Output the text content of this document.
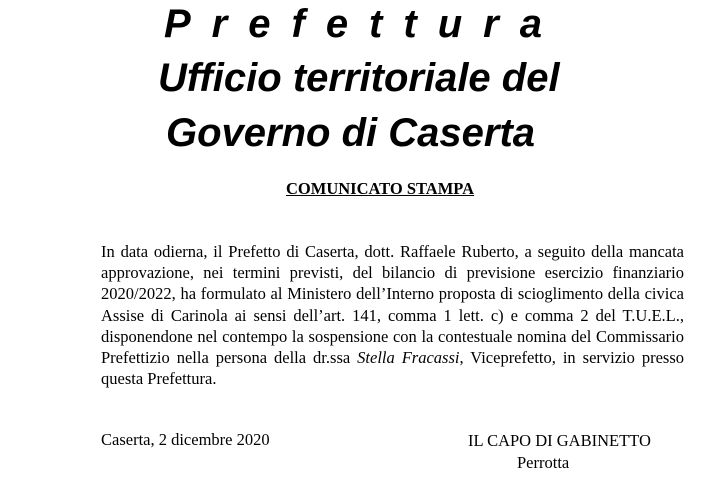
Prefettura
Ufficio territoriale del
Governo di Caserta
COMUNICATO STAMPA

In data odierna, il Prefetto di Caserta, dott. Raffaele Ruberto, a seguito della mancata approvazione, nei termini previsti, del bilancio di previsione esercizio finanziario 2020/2022, ha formulato al Ministero dell’Interno proposta di scioglimento della civica Assise di Carinola ai sensi dell’art. 141, comma 1 lett. c) e comma 2 del T.U.E.L., disponendone nel contempo la sospensione con la contestuale nomina del Commissario Prefettizio nella persona della dr.ssa Stella Fracassi, Viceprefetto, in servizio presso questa Prefettura.

Caserta, 2 dicembre 2020	IL CAPO DI GABINETTO
Perrotta
